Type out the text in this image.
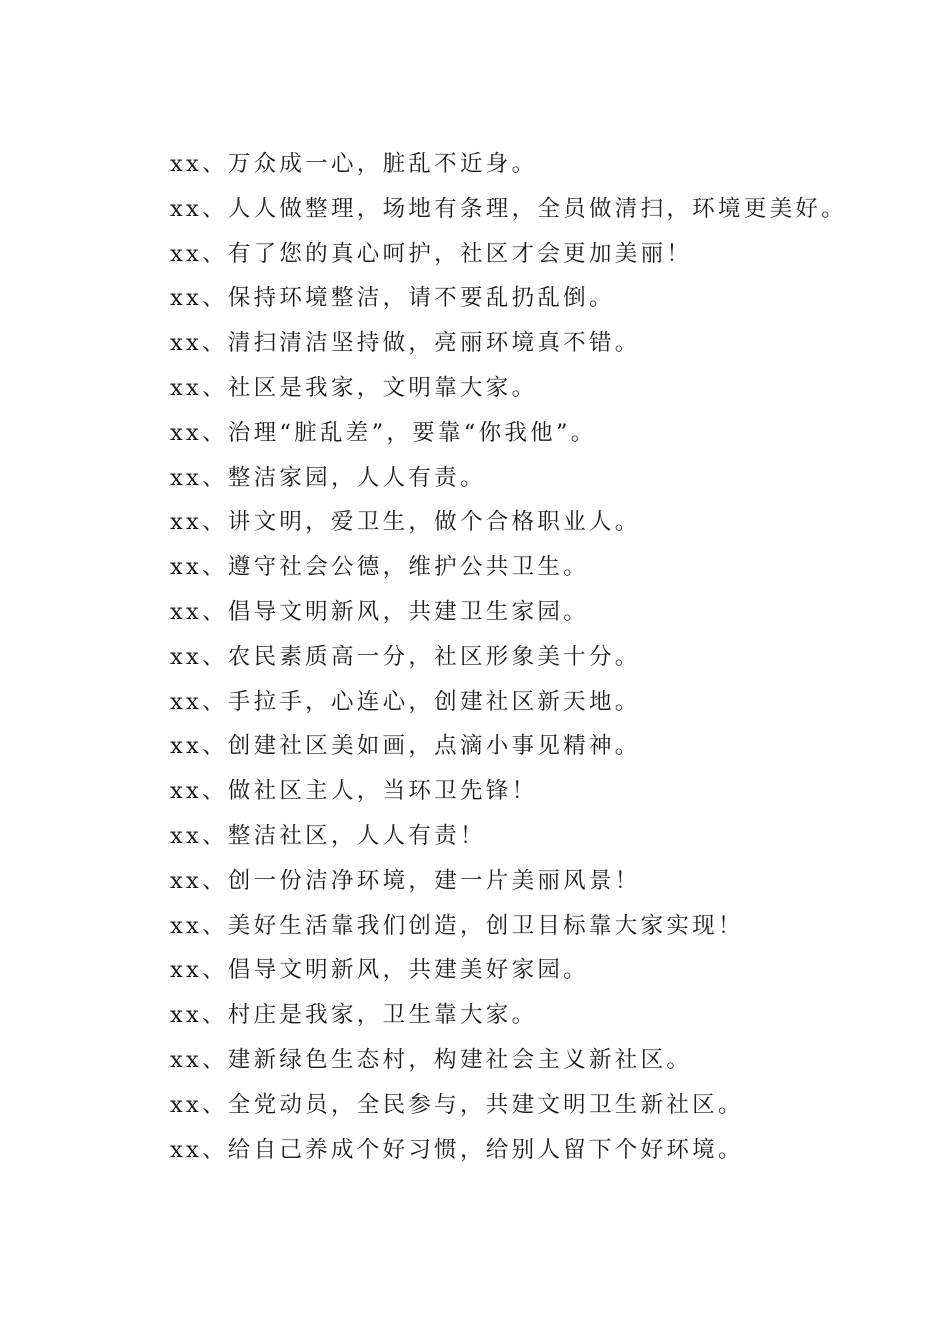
xx、万众成一心，脏乱不近身。
xx、人人做整理，场地有条理，全员做清扫，环境更美好。
xx、有了您的真心呵护，社区才会更加美丽！
xx、保持环境整洁，请不要乱扔乱倒。
xx、清扫清洁坚持做，亮丽环境真不错。
xx、社区是我家，文明靠大家。
xx、治理“脏乱差”，要靠“你我他”。
xx、整洁家园，人人有责。
xx、讲文明，爱卫生，做个合格职业人。
xx、遵守社会公德，维护公共卫生。
xx、倡导文明新风，共建卫生家园。
xx、农民素质高一分，社区形象美十分。
xx、手拉手，心连心，创建社区新天地。
xx、创建社区美如画，点滴小事见精神。
xx、做社区主人，当环卫先锋！
xx、整洁社区，人人有责！
xx、创一份洁净环境，建一片美丽风景！
xx、美好生活靠我们创造，创卫目标靠大家实现！
xx、倡导文明新风，共建美好家园。
xx、村庄是我家，卫生靠大家。
xx、建新绿色生态村，构建社会主义新社区。
xx、全党动员，全民参与，共建文明卫生新社区。
xx、给自己养成个好习惯，给别人留下个好环境。
